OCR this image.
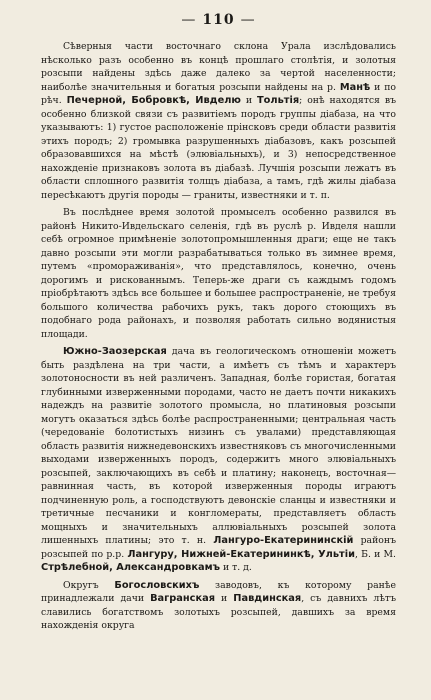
— 110 —

Сѣверныя части восточнаго склона Урала изслѣдовались нѣсколько разъ особенно въ концѣ прошлаго столѣтія, и золотыя розсыпи найдены здѣсь даже далеко за чертой населенности; наиболѣе значительныя и богатыя розсыпи найдены на р. Манѣ и по рѣч. Печерной, Бобровкѣ, Ивделю и Тольтія; онѣ находятся въ особенно близкой связи съ развитіемъ породъ группы діабаза, на что указываютъ: 1) густое расположеніе прінсковъ среди области развитія этихъ породъ; 2) громывка разрушенныхъ діабазовъ, какъ розсыпей образовавшихся на мѣстѣ (элювіальныхъ), и 3) непосредственное нахожденіе признаковъ золота въ діабазѣ. Лучшія розсыпи лежатъ въ области сплошного развитія толщъ діабаза, а тамъ, гдѣ жилы діабаза пересѣкаютъ другія породы — граниты, известняки и т. п.

Въ послѣднее время золотой промыселъ особенно развился въ районѣ Никито-Ивдельскаго селенія, гдѣ въ руслѣ р. Ивделя нашли себѣ огромное примѣненіе золотопромышленныя драги; еще не такъ давно розсыпи эти могли разрабатываться только въ зимнее время, путемъ «промораживанія», что представлялось, конечно, очень дорогимъ и рискованнымъ. Теперь-же драги съ каждымъ годомъ пріобрѣтаютъ здѣсь все большее и большее распространеніе, не требуя большого количества рабочихъ рукъ, такъ дорого стоющихъ въ подобнаго рода районахъ, и позволяя работать сильно водянистыя площади.

Южно-Заозерская дача въ геологическомъ отношеніи можетъ быть раздѣлена на три части, а имѣетъ съ тѣмъ и характеръ золотоносности въ ней различенъ. Западная, болѣе гористая, богатая глубинными изверженными породами, часто не даетъ почти никакихъ надеждъ на развитіе золотого промысла, но платиновыя розсыпи могутъ оказаться здѣсь болѣе распространенными; центральная часть (чередованіе болотистыхъ низинъ съ увалами) представляющая область развитія нижнедевонскихъ известняковъ съ многочисленными выходами изверженныхъ породъ, содержитъ много элювіальныхъ розсыпей, заключающихъ въ себѣ и платину; наконецъ, восточная—равнинная часть, въ которой изверженныя породы играютъ подчиненную роль, а господствуютъ девонскіе сланцы и известняки и третичные песчаники и конгломераты, представляетъ область мощныхъ и значительныхъ аллювіальныхъ розсыпей золота лишенныхъ платины; это т. н. Лангуро-Екатерининскій районъ розсыпей по р.р. Лангуру, Нижней-Екатерининкѣ, Ультіи, Б. и М. Стрѣлебной, Александровкамъ и т. д.

Округъ Богословскихъ заводовъ, къ которому ранѣе принадлежали дачи Вагранская и Павдинская, съ давнихъ лѣтъ славились богатствомъ золотыхъ розсыпей, давшихъ за время нахожденія округа
